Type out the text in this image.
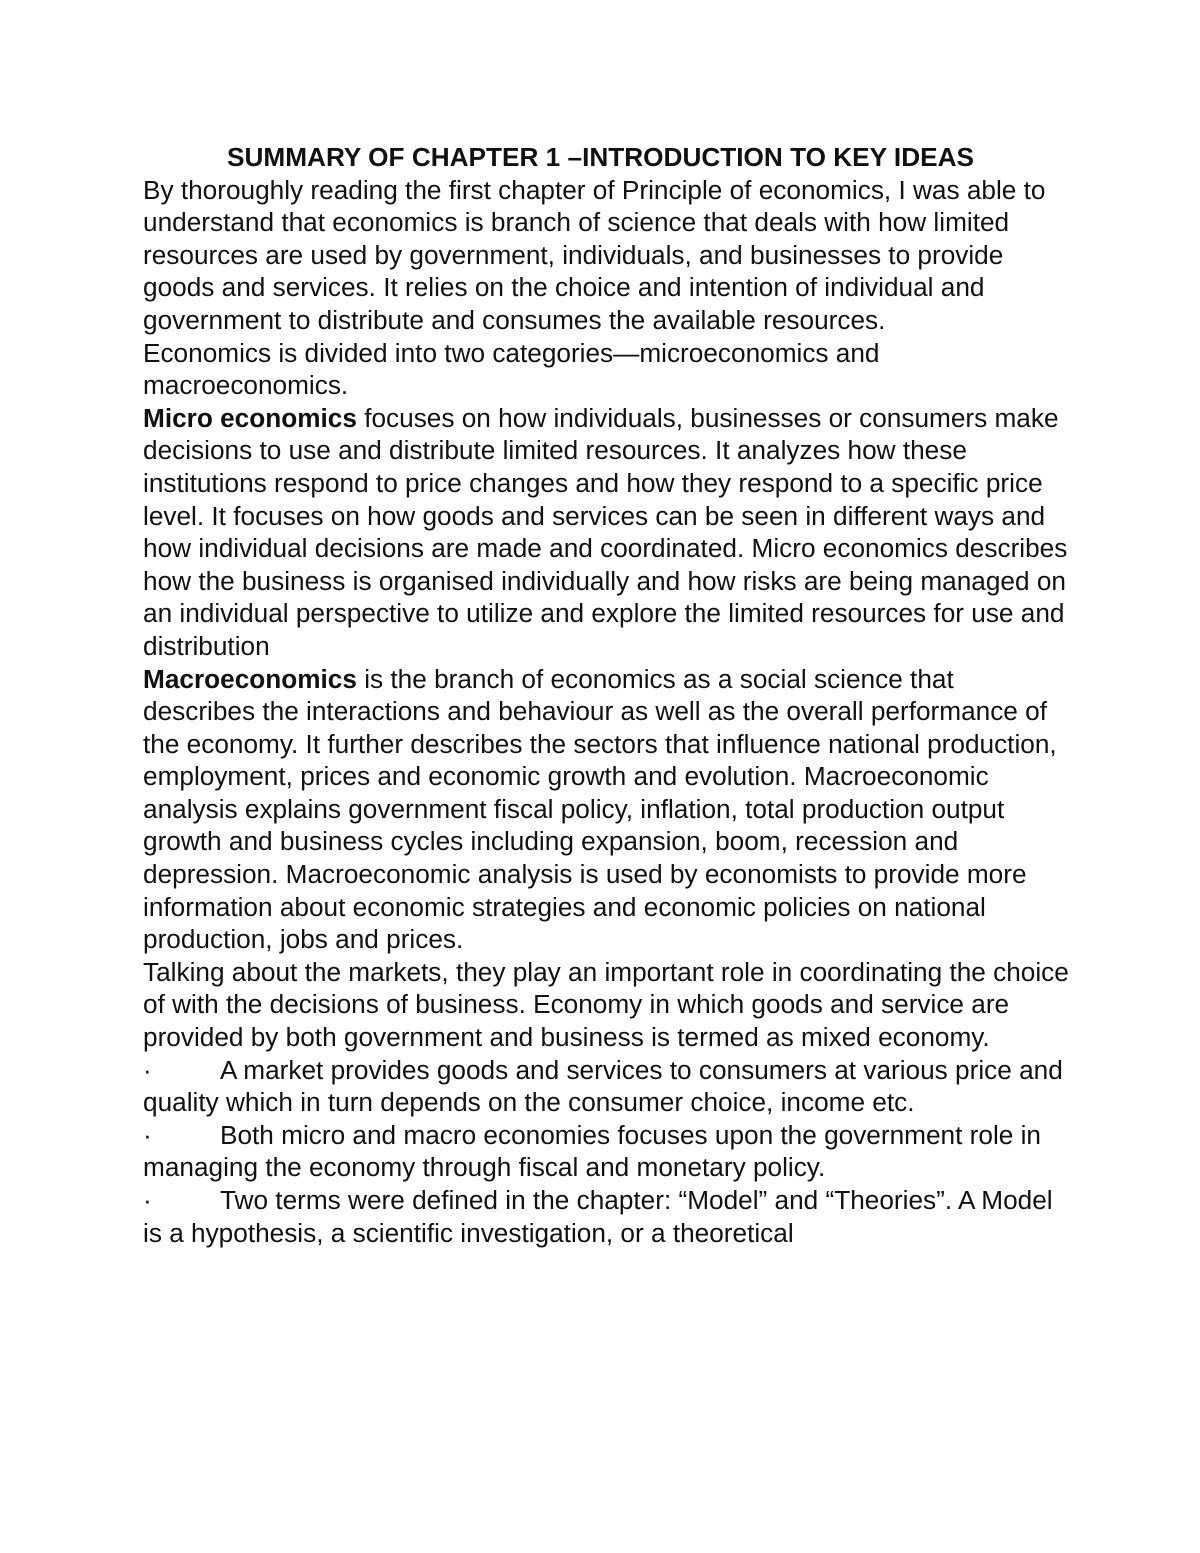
SUMMARY OF CHAPTER 1 –INTRODUCTION TO KEY IDEAS

By thoroughly reading the first chapter of Principle of economics, I was able to understand that economics is branch of science that deals with how limited resources are used by government, individuals, and businesses to provide goods and services. It relies on the choice and intention of individual and government to distribute and consumes the available resources.

Economics is divided into two categories—microeconomics and macroeconomics.

Micro economics focuses on how individuals, businesses or consumers make decisions to use and distribute limited resources. It analyzes how these institutions respond to price changes and how they respond to a specific price level. It focuses on how goods and services can be seen in different ways and how individual decisions are made and coordinated. Micro economics describes how the business is organised individually and how risks are being managed on an individual perspective to utilize and explore the limited resources for use and distribution

Macroeconomics is the branch of economics as a social science that describes the interactions and behaviour as well as the overall performance of the economy. It further describes the sectors that influence national production, employment, prices and economic growth and evolution. Macroeconomic analysis explains government fiscal policy, inflation, total production output growth and business cycles including expansion, boom, recession and depression. Macroeconomic analysis is used by economists to provide more information about economic strategies and economic policies on national production, jobs and prices.

Talking about the markets, they play an important role in coordinating the choice of with the decisions of business. Economy in which goods and service are provided by both government and business is termed as mixed economy.

·	A market provides goods and services to consumers at various price and quality which in turn depends on the consumer choice, income etc.

·	Both micro and macro economies focuses upon the government role in managing the economy through fiscal and monetary policy.

·	Two terms were defined in the chapter: “Model” and “Theories”. A Model is a hypothesis, a scientific investigation, or a theoretical
